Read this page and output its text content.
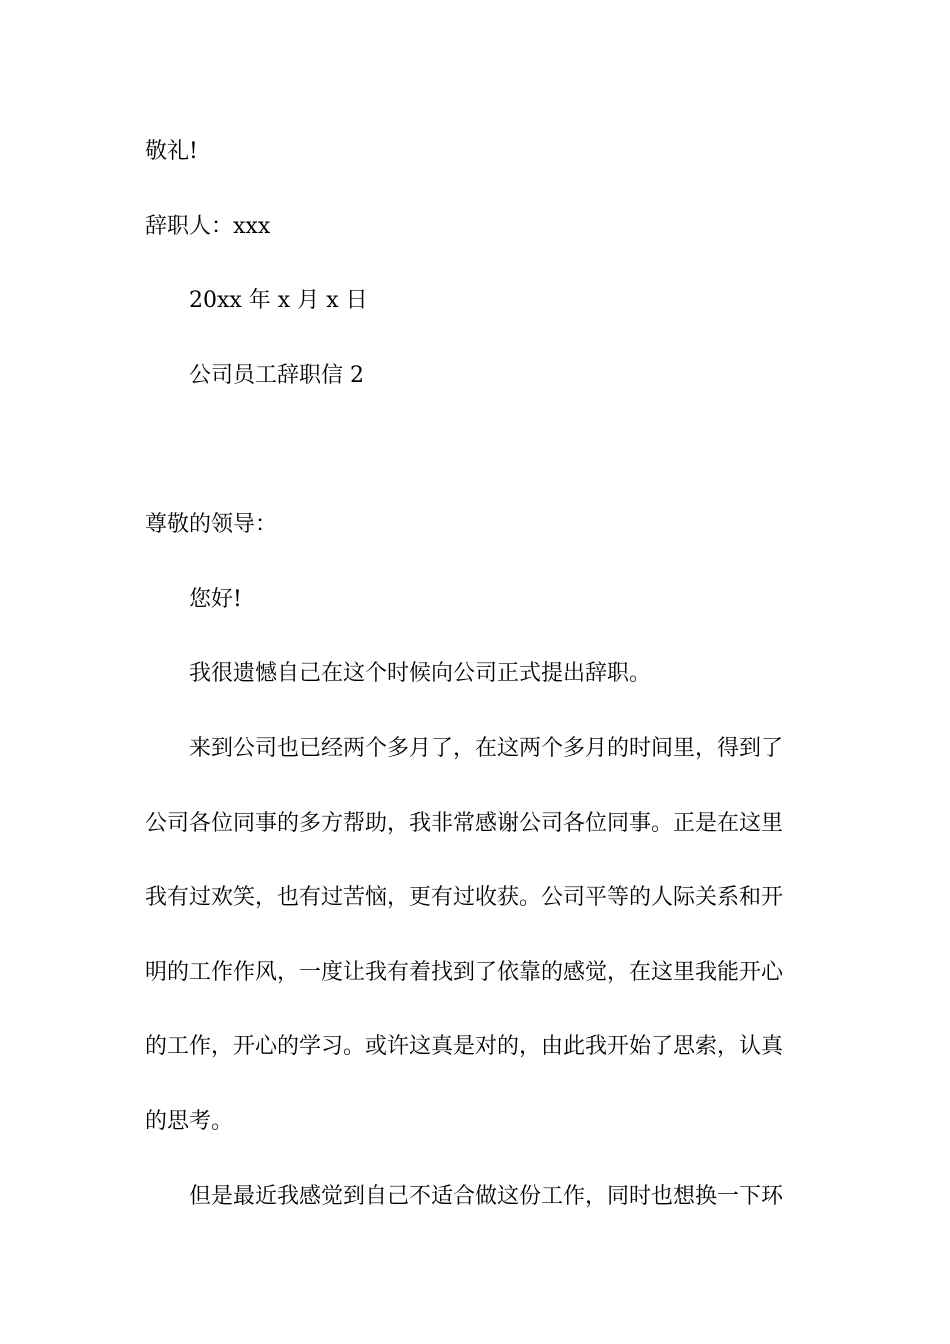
敬礼!

辞职人：xxx

20xx 年 x 月 x 日

公司员工辞职信 2

尊敬的领导：

您好!

我很遗憾自己在这个时候向公司正式提出辞职。

来到公司也已经两个多月了，在这两个多月的时间里，得到了

公司各位同事的多方帮助，我非常感谢公司各位同事。正是在这里

我有过欢笑，也有过苦恼，更有过收获。公司平等的人际关系和开

明的工作作风，一度让我有着找到了依靠的感觉，在这里我能开心

的工作，开心的学习。或许这真是对的，由此我开始了思索，认真

的思考。

但是最近我感觉到自己不适合做这份工作，同时也想换一下环
